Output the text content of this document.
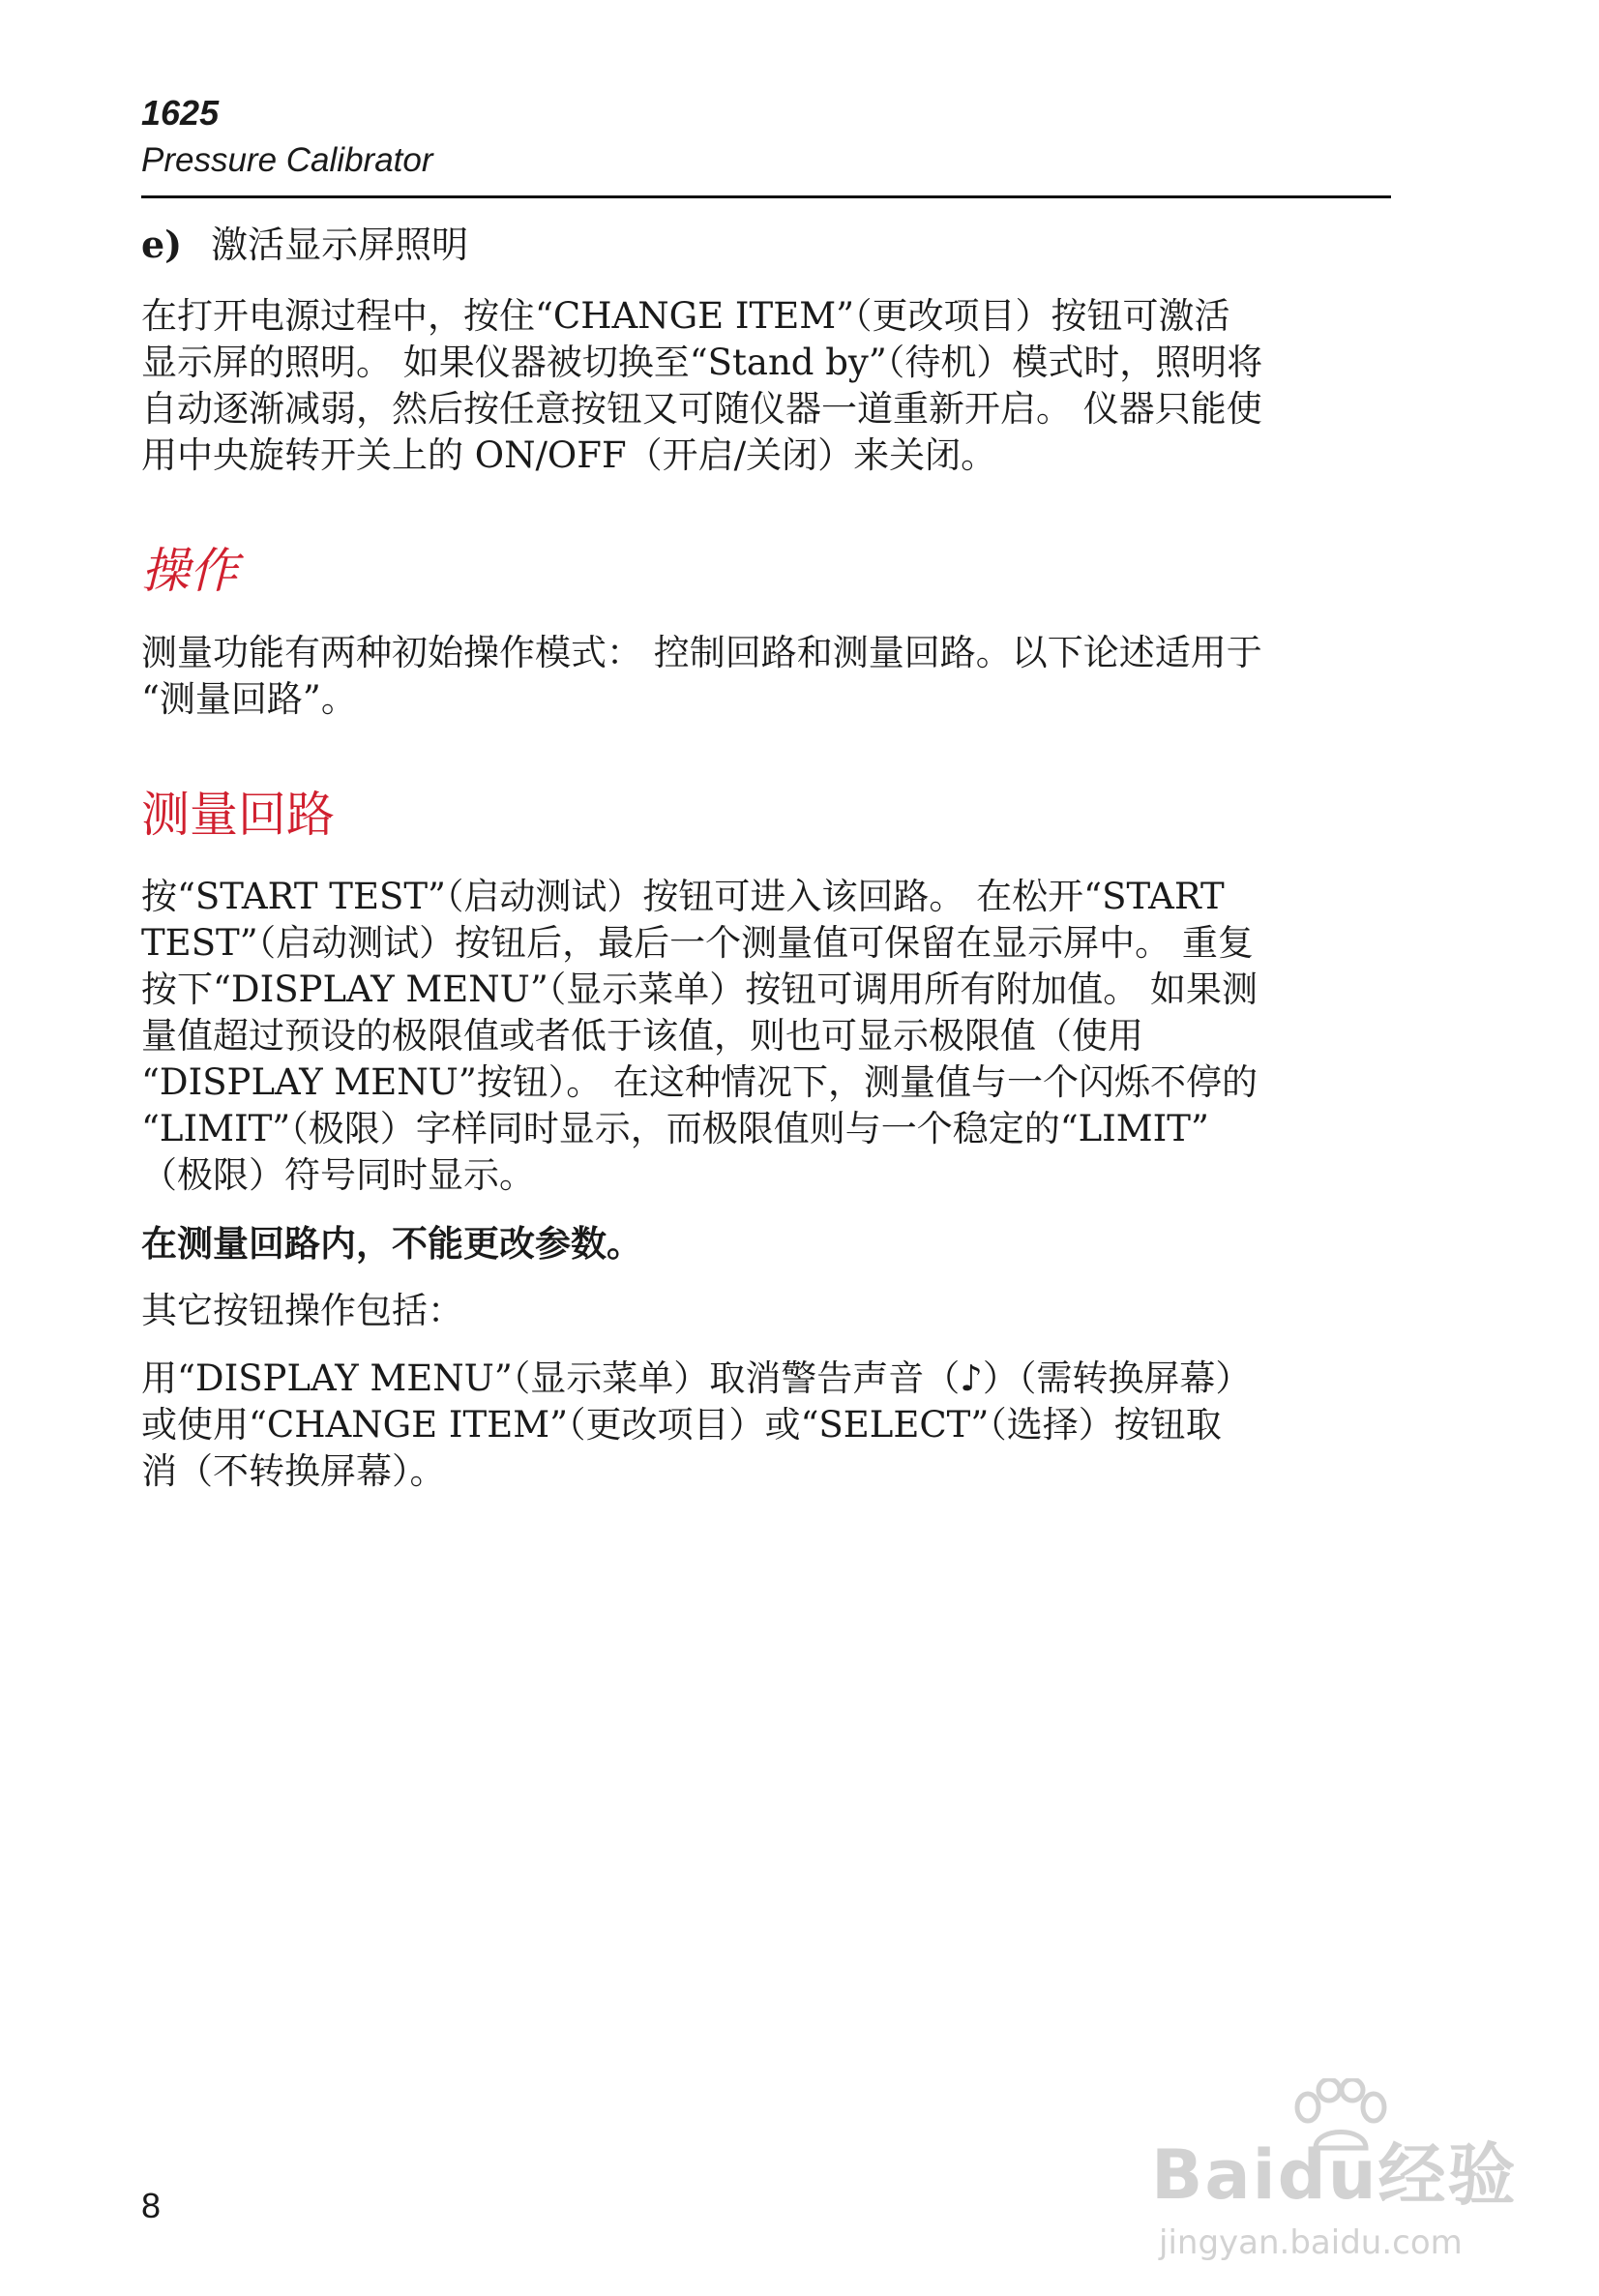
1625
Pressure Calibrator
e) 激活显示屏照明

在打开电源过程中，按住“CHANGE ITEM”（更改项目）按钮可激活
显示屏的照明。 如果仪器被切换至“Stand by”（待机）模式时，照明将
自动逐渐减弱，然后按任意按钮又可随仪器一道重新开启。 仪器只能使
用中央旋转开关上的 ON/OFF（开启/关闭）来关闭。

操作

测量功能有两种初始操作模式： 控制回路和测量回路。以下论述适用于
“测量回路”。

测量回路

按“START TEST”（启动测试）按钮可进入该回路。 在松开“START
TEST”（启动测试）按钮后，最后一个测量值可保留在显示屏中。 重复
按下“DISPLAY MENU”（显示菜单）按钮可调用所有附加值。 如果测
量值超过预设的极限值或者低于该值，则也可显示极限值（使用
“DISPLAY MENU”按钮）。 在这种情况下，测量值与一个闪烁不停的
“LIMIT”（极限）字样同时显示，而极限值则与一个稳定的“LIMIT”
（极限）符号同时显示。

在测量回路内，不能更改参数。

其它按钮操作包括：

用“DISPLAY MENU”（显示菜单）取消警告声音（♪）（需转换屏幕）
或使用“CHANGE ITEM”（更改项目）或“SELECT”（选择）按钮取
消（不转换屏幕）。

8	Baidu经验
jingyan.baidu.com
